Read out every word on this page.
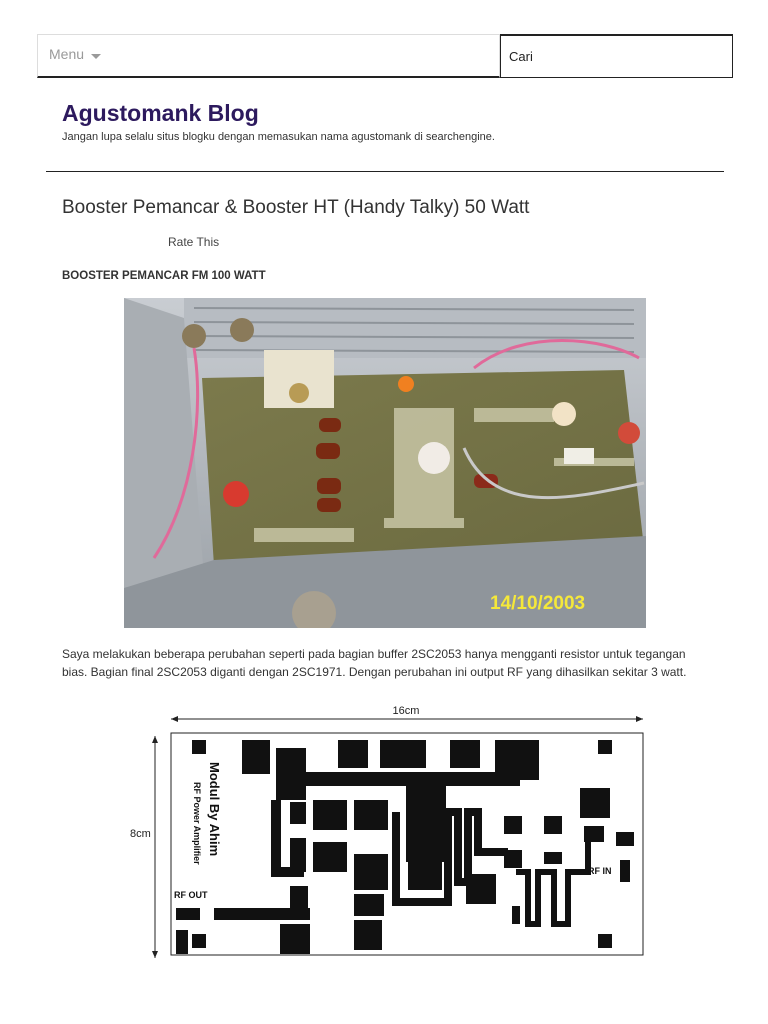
Menu
Cari
Agustomank Blog
Jangan lupa selalu situs blogku dengan memasukan nama agustomank di searchengine.
Booster Pemancar & Booster HT (Handy Talky) 50 Watt
Rate This
BOOSTER PEMANCAR FM 100 WATT
14/10/2003
Saya melakukan beberapa perubahan seperti pada bagian buffer 2SC2053 hanya mengganti resistor untuk tegangan bias. Bagian final 2SC2053 diganti dengan 2SC1971. Dengan perubahan ini output RF yang dihasilkan sekitar 3 watt.
16cm
8cm	Modul By Ahim
RF Power Amplifier
RF OUT
RF IN
